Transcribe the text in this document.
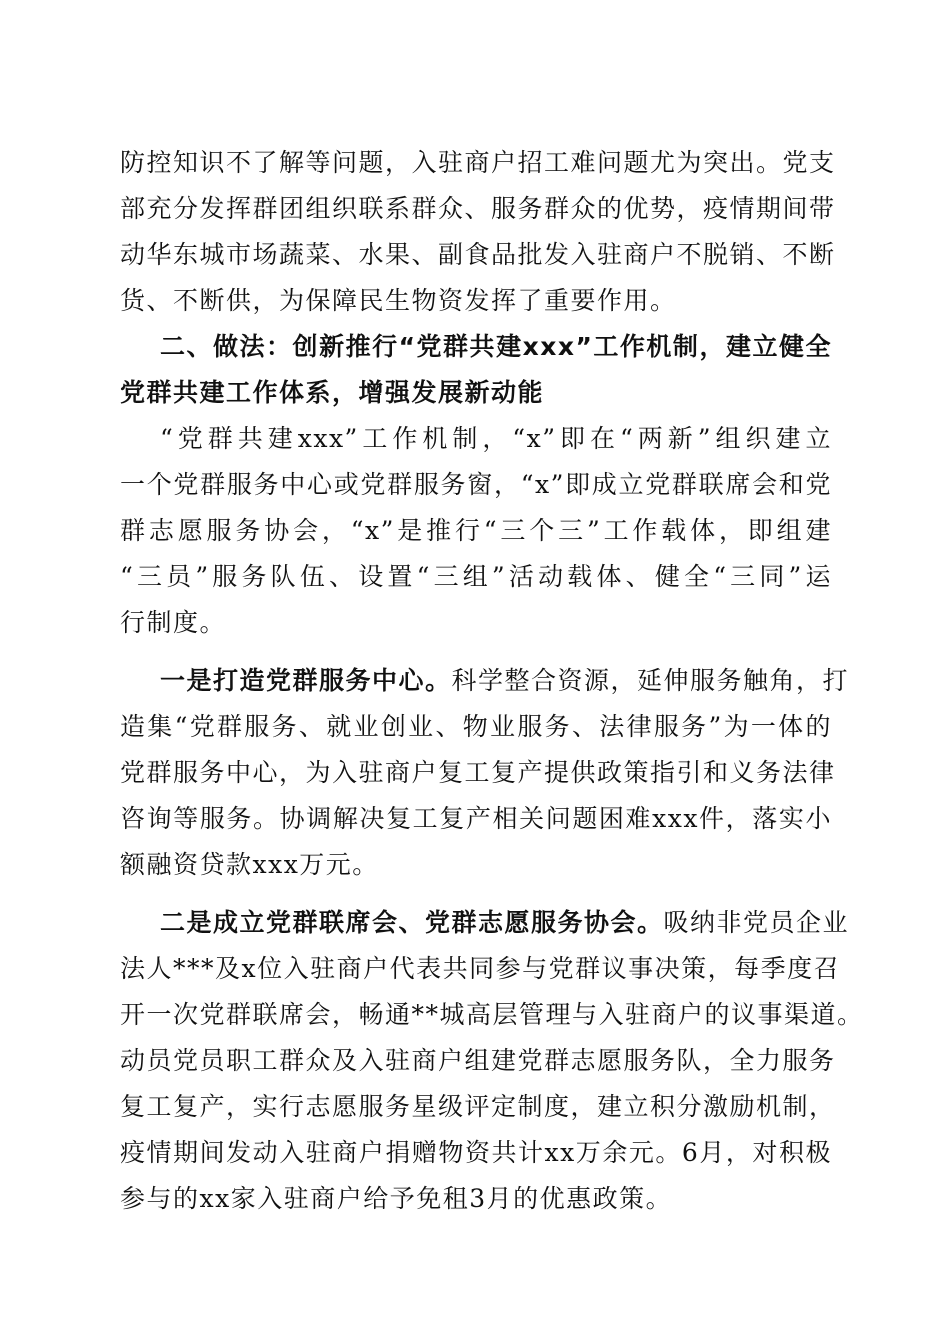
防控知识不了解等问题，入驻商户招工难问题尤为突出。党支
部充分发挥群团组织联系群众、服务群众的优势，疫情期间带
动华东城市场蔬菜、水果、副食品批发入驻商户不脱销、不断
货、不断供，为保障民生物资发挥了重要作用。
二、做法：创新推行“党群共建xxx”工作机制，建立健全
党群共建工作体系，增强发展新动能
“党群共建xxx”工作机制，“x”即在“两新”组织建立
一个党群服务中心或党群服务窗，“x”即成立党群联席会和党
群志愿服务协会，“x”是推行“三个三”工作载体，即组建
“三员”服务队伍、设置“三组”活动载体、健全“三同”运
行制度。
一是打造党群服务中心。科学整合资源，延伸服务触角，打
造集“党群服务、就业创业、物业服务、法律服务”为一体的
党群服务中心，为入驻商户复工复产提供政策指引和义务法律
咨询等服务。协调解决复工复产相关问题困难xxx件，落实小
额融资贷款xxx万元。
二是成立党群联席会、党群志愿服务协会。吸纳非党员企业
法人***及x位入驻商户代表共同参与党群议事决策，每季度召
开一次党群联席会，畅通**城高层管理与入驻商户的议事渠道。
动员党员职工群众及入驻商户组建党群志愿服务队，全力服务
复工复产，实行志愿服务星级评定制度，建立积分激励机制，
疫情期间发动入驻商户捐赠物资共计xx万余元。6月，对积极
参与的xx家入驻商户给予免租3月的优惠政策。
